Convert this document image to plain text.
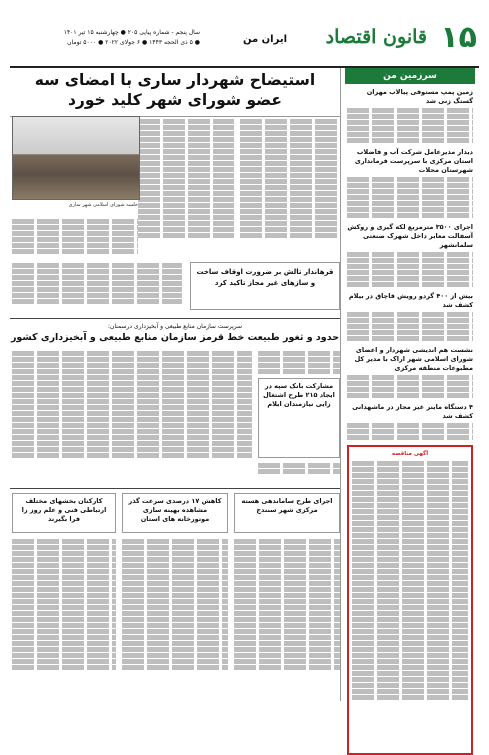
۱۵
قانون اقتصاد
ایران من
سال پنجم - شماره پیاپی ۲۰۵ ● چهارشنبه ۱۵ تیر ۱۴۰۱
● ۵ ذی الحجه ۱۴۴۳ ● ۶ جولای ۲۰۲۲ ● ۵۰۰۰ تومان
سرزمین من
زمین پمپ مستوفی پیالاب مهران گستگ زنی شد
دیدار مدیرعامل شرکت آب و فاضلاب استان مرکزی با سرپرست فرمانداری شهرستان محلات
اجرای ۳۵۰۰ مترمربع لکه گیری و روکش آسفالت معابر داخل شهرک صنعتی سلمانشهر
بیش از ۴۰۰ گردو رویش قاچاق در بیلام کشف شد
نشست هم اندیشی شهردار و اعضای شورای اسلامی شهر اراک با مدیر کل مطبوعات منطقه مرکزی
۴ دستگاه ماینر غیر مجاز در ماشهدانی کشف شد
آگهی مناقصه
استیضاح شهردار ساری با امضای سه عضو شورای شهر کلید خورد
جلسه شورای اسلامی شهر ساری
قرهاندار تالش بر ضرورت اوقاف ساخت و سازهای غیر مجاز تاکید کرد
سرپرست سازمان منابع طبیعی و آبخیزداری درسمنان:
حدود و ثغور طبیعت خط قرمز سازمان منابع طبیعی و آبخیزداری کشور
مشارکت بانک سپه در ایجاد ۲۱۵ طرح اشتغال زایی نیازمندان ایلام
اجرای طرح ساماندهی هسته مرکزی شهر سنندج
کاهش ۱۷ درصدی سرعت گذر مشاهده بهینه سازی موتورخانه های استان
کارکنان بخشهای مختلف ارتباطی فنی و علم روز را فرا بگیرند
